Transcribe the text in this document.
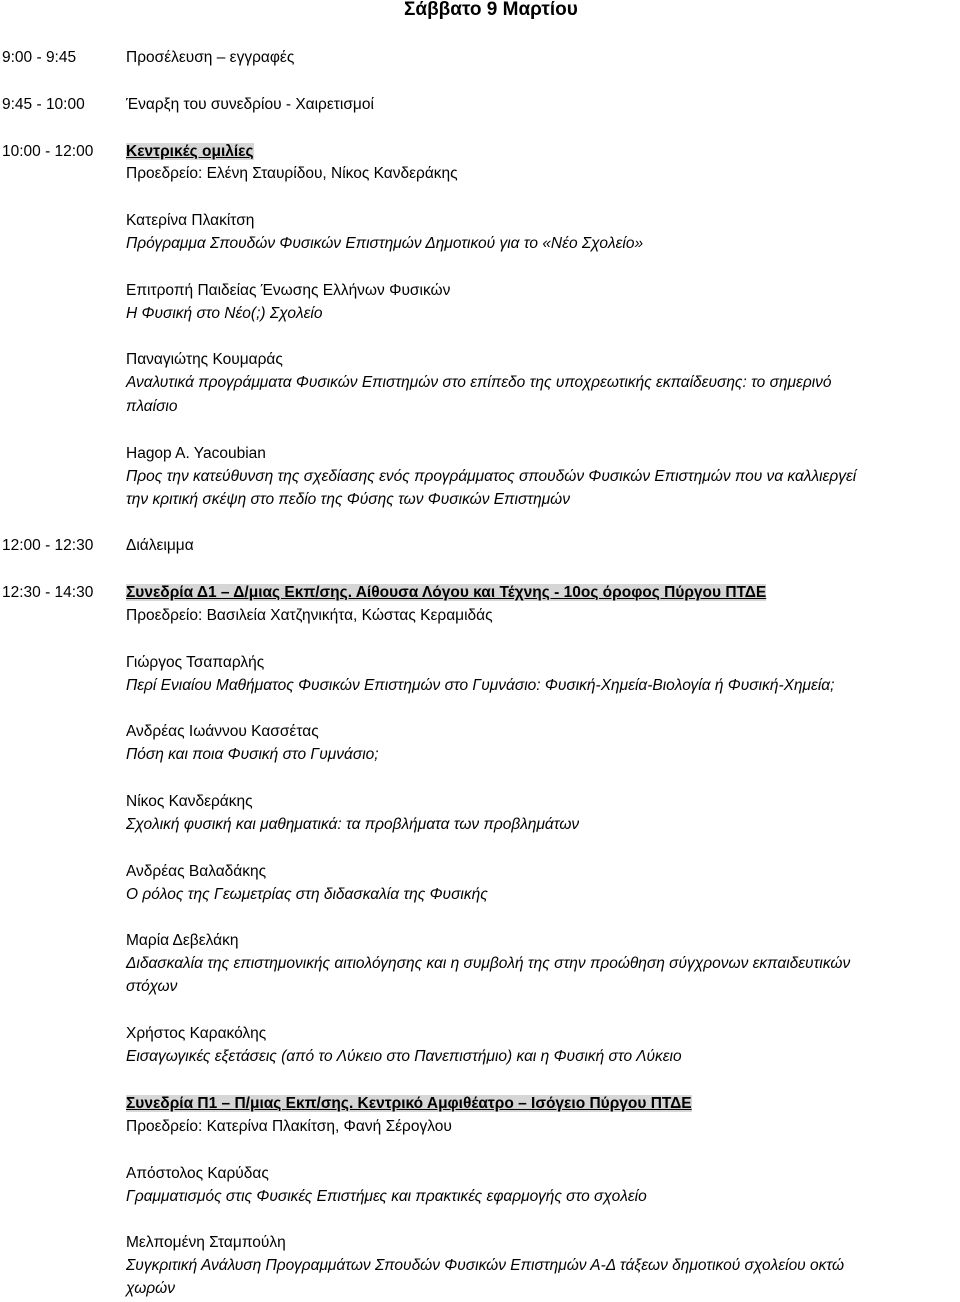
Σάββατο 9 Μαρτίου
9:00 - 9:45	Προσέλευση – εγγραφές
9:45 - 10:00	Έναρξη του συνεδρίου - Χαιρετισμοί
10:00 - 12:00 Κεντρικές ομιλίες
Προεδρείο: Ελένη Σταυρίδου, Νίκος Κανδεράκης
Κατερίνα Πλακίτση
Πρόγραμμα Σπουδών Φυσικών Επιστημών Δημοτικού για το «Νέο Σχολείο»
Επιτροπή Παιδείας Ένωσης Ελλήνων Φυσικών
Η Φυσική στο Νέο(;) Σχολείο
Παναγιώτης Κουμαράς
Αναλυτικά προγράμματα Φυσικών Επιστημών στο επίπεδο της υποχρεωτικής εκπαίδευσης: το σημερινό
πλαίσιο
Hagop A. Yacoubian
Προς την κατεύθυνση της σχεδίασης ενός προγράμματος σπουδών Φυσικών Επιστημών που να καλλιεργεί
την κριτική σκέψη στο πεδίο της Φύσης των Φυσικών Επιστημών
12:00 - 12:30 Διάλειμμα
12:30 - 14:30 Συνεδρία Δ1 – Δ/μιας Εκπ/σης. Αίθουσα Λόγου και Τέχνης - 10ος όροφος Πύργου ΠΤΔΕ
Προεδρείο: Βασιλεία Χατζηνικήτα, Κώστας Κεραμιδάς
Γιώργος Τσαπαρλής
Περί Ενιαίου Μαθήματος Φυσικών Επιστημών στο Γυμνάσιο: Φυσική-Χημεία-Βιολογία ή Φυσική-Χημεία;
Ανδρέας Ιωάννου Κασσέτας
Πόση και ποια Φυσική στο Γυμνάσιο;
Νίκος Κανδεράκης
Σχολική φυσική και μαθηματικά: τα προβλήματα των προβλημάτων
Ανδρέας Βαλαδάκης
Ο ρόλος της Γεωμετρίας στη διδασκαλία της Φυσικής
Μαρία Δεβελάκη
Διδασκαλία της επιστημονικής αιτιολόγησης και η συμβολή της στην προώθηση σύγχρονων εκπαιδευτικών
στόχων
Χρήστος Καρακόλης
Εισαγωγικές εξετάσεις (από το Λύκειο στο Πανεπιστήμιο) και η Φυσική στο Λύκειο
Συνεδρία Π1 – Π/μιας Εκπ/σης. Κεντρικό Αμφιθέατρο – Ισόγειο Πύργου ΠΤΔΕ
Προεδρείο: Κατερίνα Πλακίτση, Φανή Σέρογλου
Απόστολος Καρύδας
Γραμματισμός στις Φυσικές Επιστήμες και πρακτικές εφαρμογής στο σχολείο
Μελπομένη Σταμπούλη
Συγκριτική Ανάλυση Προγραμμάτων Σπουδών Φυσικών Επιστημών Α-Δ τάξεων δημοτικού σχολείου οκτώ
χωρών
